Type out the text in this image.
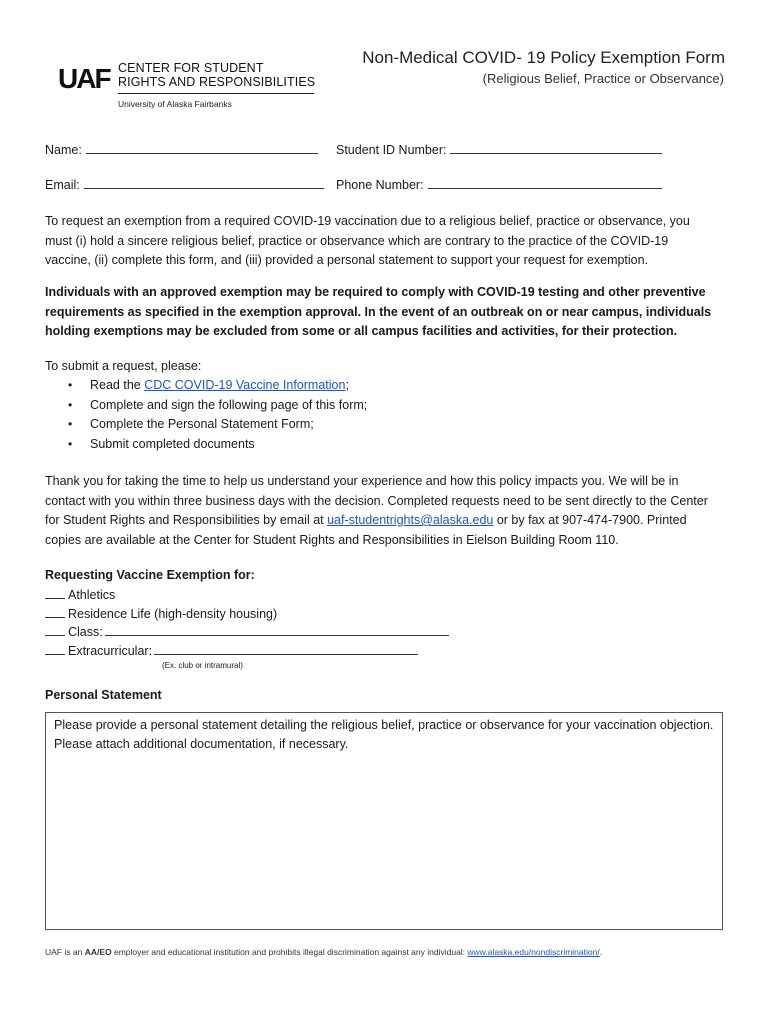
UAF CENTER FOR STUDENT
RIGHTS AND RESPONSIBILITIES
University of Alaska Fairbanks
Non-Medical COVID- 19 Policy Exemption Form
(Religious Belief, Practice or Observance)
Name:	Student ID Number:
Email:	Phone Number:
To request an exemption from a required COVID-19 vaccination due to a religious belief, practice or observance, you must (i) hold a sincere religious belief, practice or observance which are contrary to the practice of the COVID-19 vaccine, (ii) complete this form, and (iii) provided a personal statement to support your request for exemption.
Individuals with an approved exemption may be required to comply with COVID-19 testing and other preventive requirements as specified in the exemption approval. In the event of an outbreak on or near campus, individuals holding exemptions may be excluded from some or all campus facilities and activities, for their protection.
To submit a request, please:
• Read the CDC COVID-19 Vaccine Information;
• Complete and sign the following page of this form;
• Complete the Personal Statement Form;
• Submit completed documents
Thank you for taking the time to help us understand your experience and how this policy impacts you. We will be in contact with you within three business days with the decision. Completed requests need to be sent directly to the Center for Student Rights and Responsibilities by email at uaf-studentrights@alaska.edu or by fax at 907-474-7900. Printed copies are available at the Center for Student Rights and Responsibilities in Eielson Building Room 110.
Requesting Vaccine Exemption for:
Athletics
Residence Life (high-density housing)
Class:
Extracurricular:
(Ex. club or intramural)
Personal Statement
Please provide a personal statement detailing the religious belief, practice or observance for your vaccination objection. Please attach additional documentation, if necessary.
UAF is an AA/EO employer and educational institution and prohibits illegal discrimination against any individual: www.alaska.edu/nondiscrimination/.
